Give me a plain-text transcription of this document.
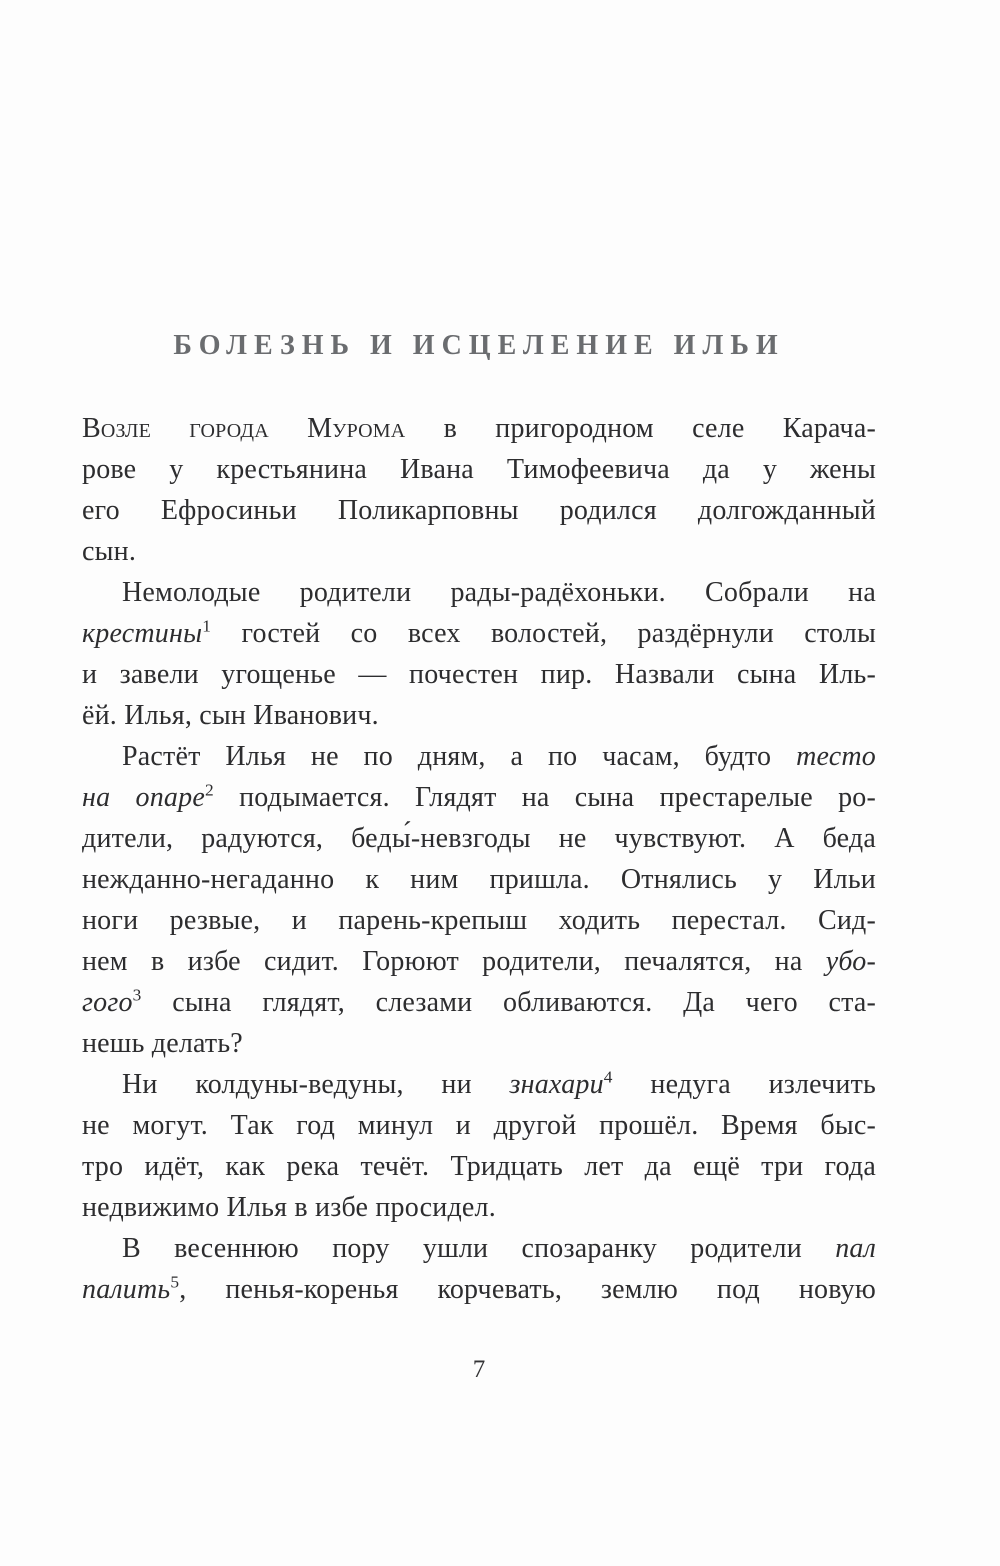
БОЛЕЗНЬ И ИСЦЕЛЕНИЕ ИЛЬИ
Возле города Мурома в пригородном селе Карача-
рове у крестьянина Ивана Тимофеевича да у жены
его Ефросиньи Поликарповны родился долгожданный
сын.
Немолодые родители рады-радёхоньки. Собрали на
крестины$^1$ гостей со всех волостей, раздёрнули столы
и завели угощенье — почестен пир. Назвали сына Иль-
ёй. Илья, сын Иванович.
Растёт Илья не по дням, а по часам, будто тесто
на опаре$^2$ подымается. Глядят на сына престарелые ро-
дители, радуются, беды́-невзгоды не чувствуют. А беда
нежданно-негаданно к ним пришла. Отнялись у Ильи
ноги резвые, и парень-крепыш ходить перестал. Сид-
нем в избе сидит. Горюют родители, печалятся, на убо-
гого$^3$ сына глядят, слезами обливаются. Да чего ста-
нешь делать?
Ни колдуны-ведуны, ни знахари$^4$ недуга излечить
не могут. Так год минул и другой прошёл. Время быс-
тро идёт, как река течёт. Тридцать лет да ещё три года
недвижимо Илья в избе просидел.
В весеннюю пору ушли спозаранку родители пал
палить$^5$, пенья-коренья корчевать, землю под новую
7
